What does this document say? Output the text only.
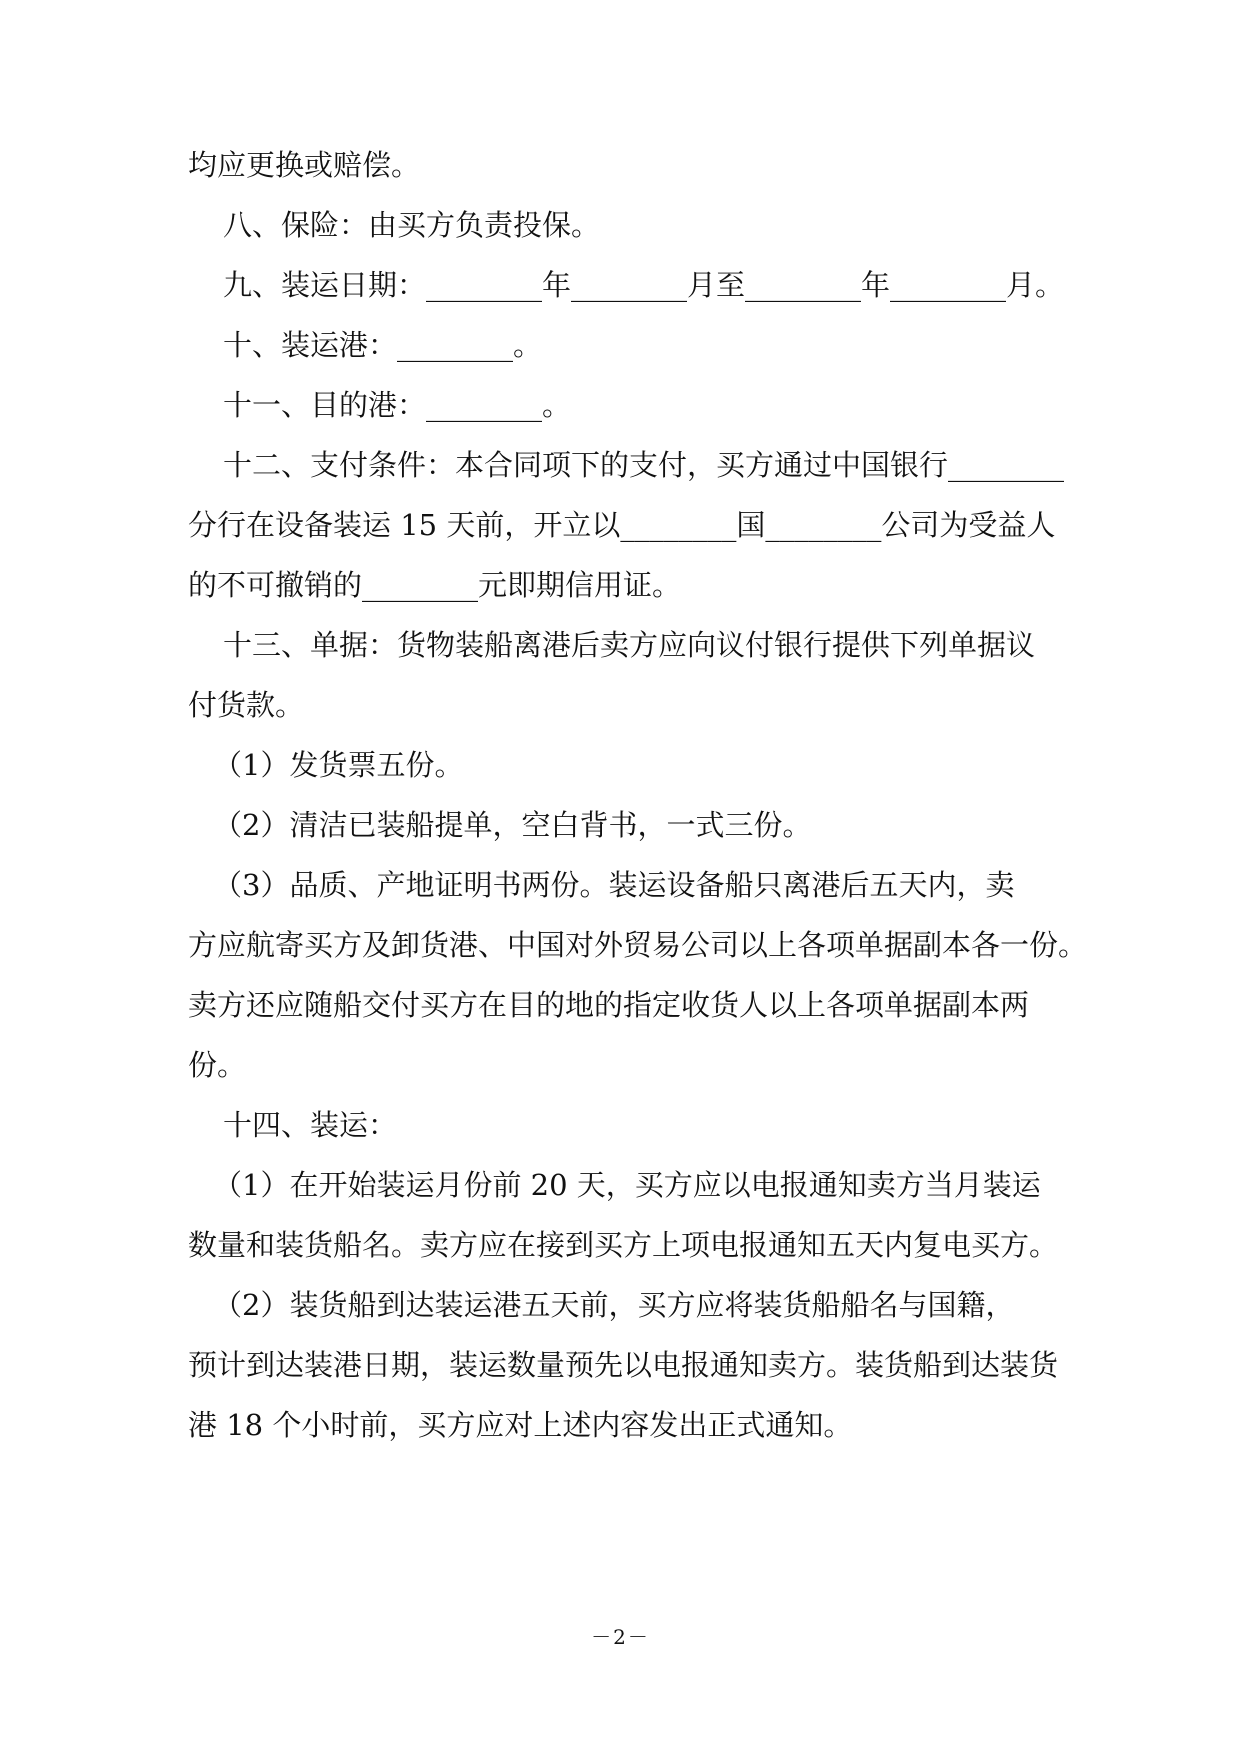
均应更换或赔偿。
八、保险：由买方负责投保。
九、装运日期：________年________月至________年________月。
十、装运港：________。
十一、目的港：________。
十二、支付条件：本合同项下的支付，买方通过中国银行________
分行在设备装运 15 天前，开立以________国________公司为受益人
的不可撤销的________元即期信用证。
十三、单据：货物装船离港后卖方应向议付银行提供下列单据议
付货款。
（1）发货票五份。
（2）清洁已装船提单，空白背书，一式三份。
（3）品质、产地证明书两份。装运设备船只离港后五天内，卖
方应航寄买方及卸货港、中国对外贸易公司以上各项单据副本各一份。
卖方还应随船交付买方在目的地的指定收货人以上各项单据副本两
份。
十四、装运：
（1）在开始装运月份前 20 天，买方应以电报通知卖方当月装运
数量和装货船名。卖方应在接到买方上项电报通知五天内复电买方。
（2）装货船到达装运港五天前，买方应将装货船船名与国籍，
预计到达装港日期，装运数量预先以电报通知卖方。装货船到达装货
港 18 个小时前，买方应对上述内容发出正式通知。
－2－
